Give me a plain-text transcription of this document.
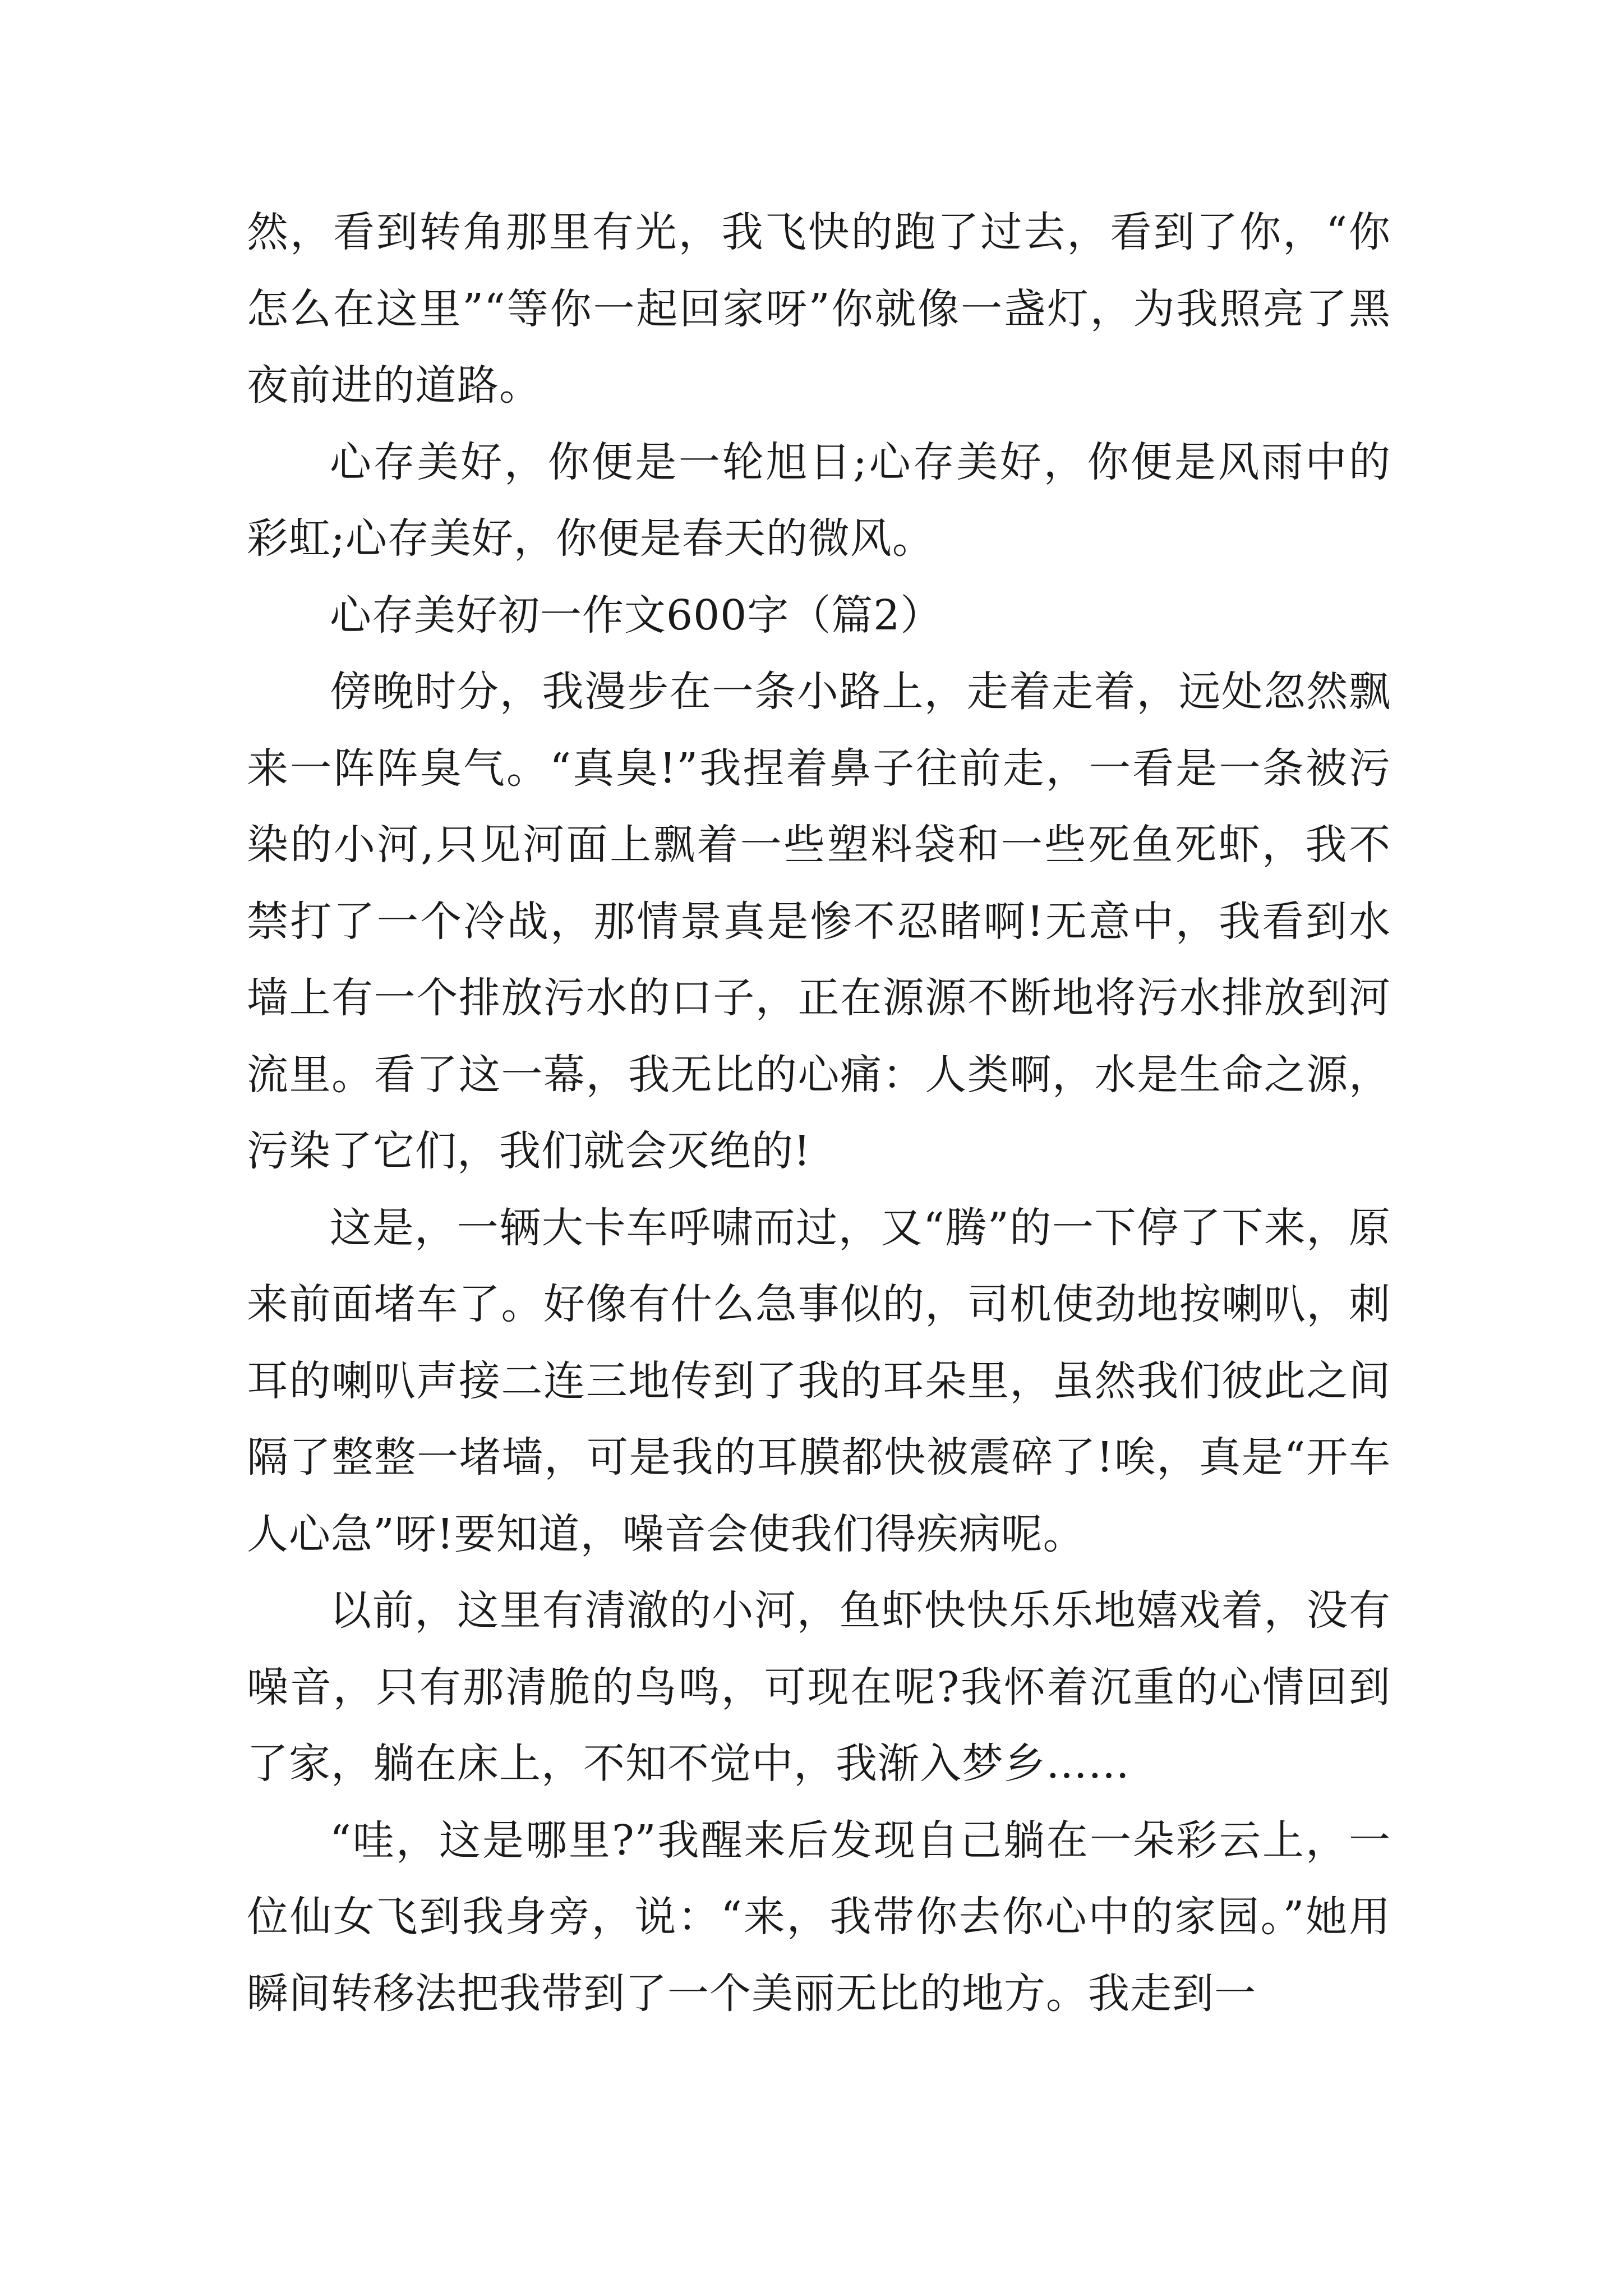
然，看到转角那里有光，我飞快的跑了过去，看到了你，“你怎么在这里”“等你一起回家呀”你就像一盏灯，为我照亮了黑夜前进的道路。

心存美好，你便是一轮旭日;心存美好，你便是风雨中的彩虹;心存美好，你便是春天的微风。

心存美好初一作文600字（篇2）

傍晚时分，我漫步在一条小路上，走着走着，远处忽然飘来一阵阵臭气。“真臭!”我捏着鼻子往前走，一看是一条被污染的小河,只见河面上飘着一些塑料袋和一些死鱼死虾，我不禁打了一个冷战，那情景真是惨不忍睹啊!无意中，我看到水墙上有一个排放污水的口子，正在源源不断地将污水排放到河流里。看了这一幕，我无比的心痛：人类啊，水是生命之源，污染了它们，我们就会灭绝的!

这是，一辆大卡车呼啸而过，又“腾”的一下停了下来，原来前面堵车了。好像有什么急事似的，司机使劲地按喇叭，刺耳的喇叭声接二连三地传到了我的耳朵里，虽然我们彼此之间隔了整整一堵墙，可是我的耳膜都快被震碎了!唉，真是“开车人心急”呀!要知道，噪音会使我们得疾病呢。

以前，这里有清澈的小河，鱼虾快快乐乐地嬉戏着，没有噪音，只有那清脆的鸟鸣，可现在呢?我怀着沉重的心情回到了家，躺在床上，不知不觉中，我渐入梦乡……

“哇，这是哪里?”我醒来后发现自己躺在一朵彩云上，一位仙女飞到我身旁，说：“来，我带你去你心中的家园。”她用瞬间转移法把我带到了一个美丽无比的地方。我走到一
